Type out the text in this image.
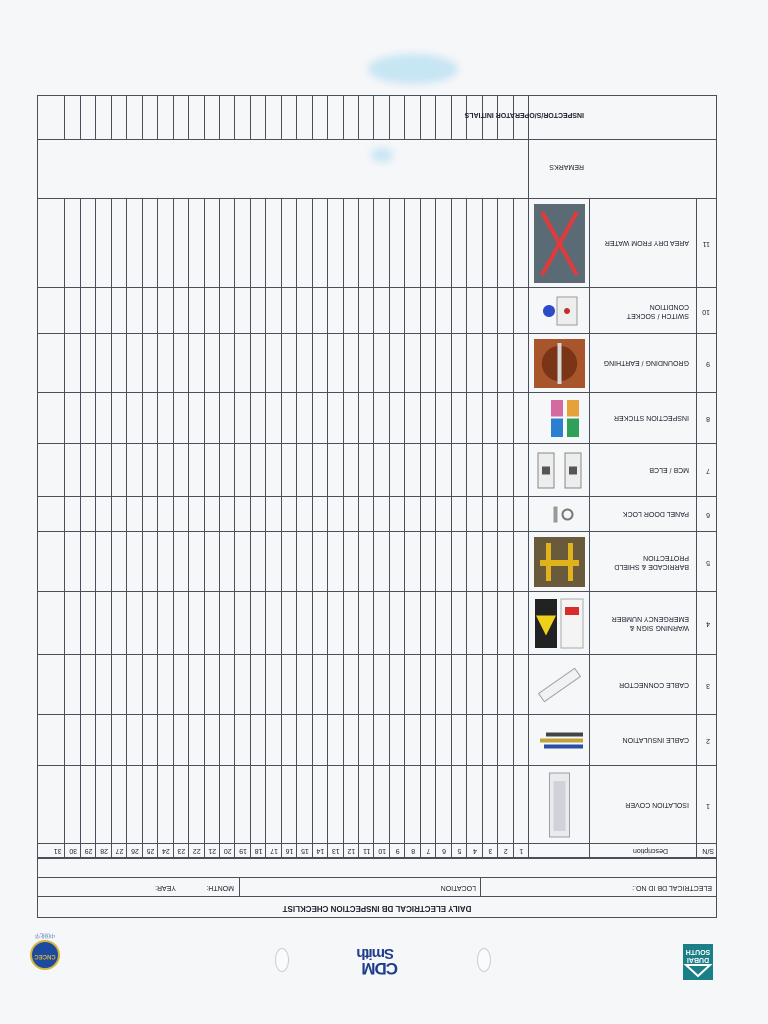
DUBAI
SOUTH
CDM
Smith
CNCEC
中国化学
DAILY ELECTRICAL DB INSPECTION CHECKLIST
ELECTRICAL DB ID NO.:
LOCATION
MONTH:
YEAR:
S/N
Description
1
2
3
4
5
6
7
8
9
10
11
12
13
14
15
16
17
18
19
20
21
22
23
24
25
26
27
28
29
30
31
1
ISOLATION COVER
2
CABLE INSULATION
3
CABLE CONNECTOR
4
WARNING SIGN & EMERGENCY NUMBER
5
BARRICADE & SHIELD PROTECTION
6
PANEL DOOR LOCK
7
MCB / ELCB
8
INSPECTION STICKER
9
GROUNDING / EARTHING
10
SWITCH / SOCKET CONDITION
11
AREA DRY FROM WATER
REMARKS
INSPECTOR/S/OPERATOR INITIALS
